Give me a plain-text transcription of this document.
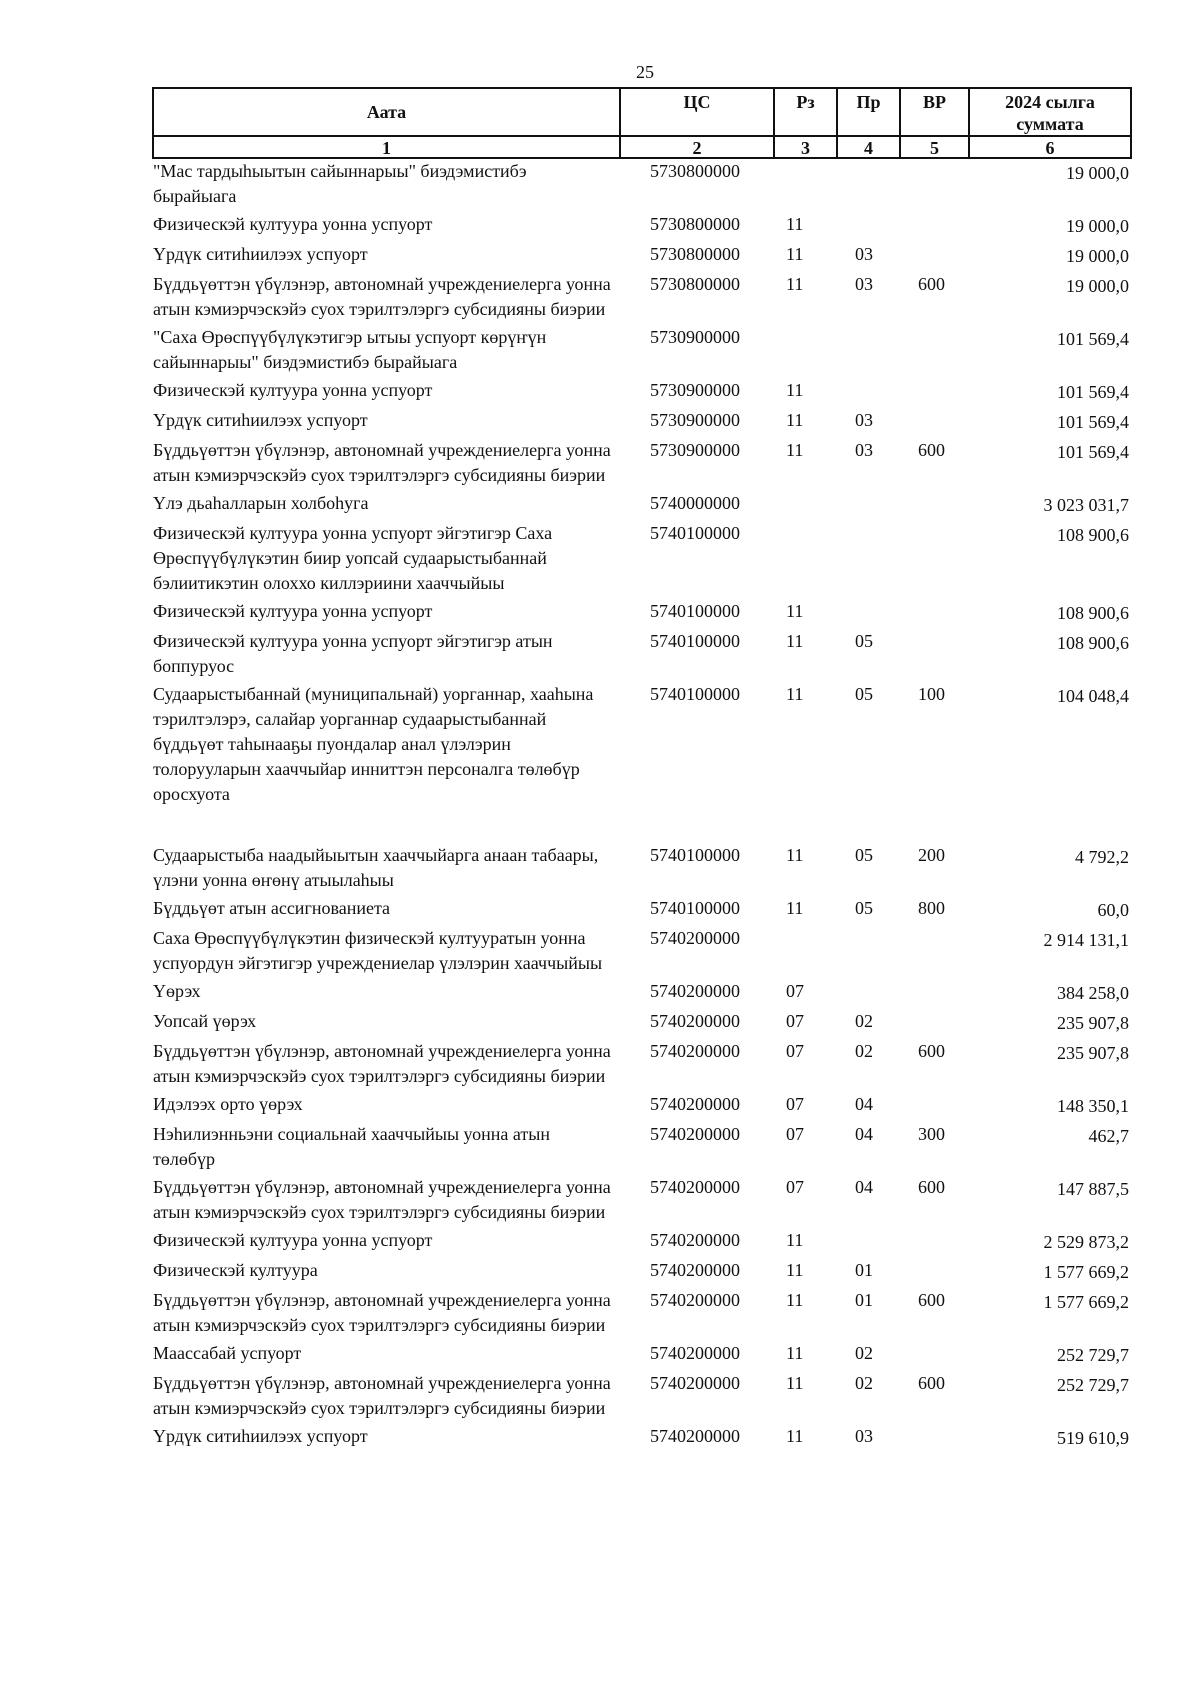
25
Аата	ЦС	Рз	Пр	ВР	2024 сылга суммата
1	2	3	4	5	6
"Мас тардыһыытын сайыннарыы" биэдэмистибэ бырайыага	5730800000				19 000,0
Физическэй култуура уонна успуорт	5730800000	11			19 000,0
Үрдүк ситиһиилээх успуорт	5730800000	11	03		19 000,0
Бүддьүөттэн үбүлэнэр, автономнай учреждениелерга уонна атын кэмиэрчэскэйэ суох тэрилтэлэргэ субсидияны биэрии	5730800000	11	03	600	19 000,0
"Саха Өрөспүүбүлүкэтигэр ытыы успуорт көрүҥүн сайыннарыы" биэдэмистибэ бырайыага	5730900000				101 569,4
Физическэй култуура уонна успуорт	5730900000	11			101 569,4
Үрдүк ситиһиилээх успуорт	5730900000	11	03		101 569,4
Бүддьүөттэн үбүлэнэр, автономнай учреждениелерга уонна атын кэмиэрчэскэйэ суох тэрилтэлэргэ субсидияны биэрии	5730900000	11	03	600	101 569,4
Үлэ дьаһалларын холбоһуга	5740000000				3 023 031,7
Физическэй култуура уонна успуорт эйгэтигэр Саха Өрөспүүбүлүкэтин биир уопсай судаарыстыбаннай бэлиитикэтин олоххо киллэриини хааччыйыы	5740100000				108 900,6
Физическэй култуура уонна успуорт	5740100000	11			108 900,6
Физическэй култуура уонна успуорт эйгэтигэр атын боппуруос	5740100000	11	05		108 900,6
Судаарыстыбаннай (муниципальнай) уорганнар, хааһына тэрилтэлэрэ, салайар уорганнар судаарыстыбаннай бүддьүөт таһынааҕы пуондалар анал үлэлэрин толорууларын хааччыйар инниттэн персоналга төлөбүр оросхуота	5740100000	11	05	100	104 048,4
Судаарыстыба наадыйыытын хааччыйарга анаан табаары, үлэни уонна өҥөнү атыылаһыы	5740100000	11	05	200	4 792,2
Бүддьүөт атын ассигнованиета	5740100000	11	05	800	60,0
Саха Өрөспүүбүлүкэтин физическэй култууратын уонна успуордун эйгэтигэр учреждениелар үлэлэрин хааччыйыы	5740200000				2 914 131,1
Үөрэх	5740200000	07			384 258,0
Уопсай үөрэх	5740200000	07	02		235 907,8
Бүддьүөттэн үбүлэнэр, автономнай учреждениелерга уонна атын кэмиэрчэскэйэ суох тэрилтэлэргэ субсидияны биэрии	5740200000	07	02	600	235 907,8
Идэлээх орто үөрэх	5740200000	07	04		148 350,1
Нэһилиэнньэни социальнай хааччыйыы уонна атын төлөбүр	5740200000	07	04	300	462,7
Бүддьүөттэн үбүлэнэр, автономнай учреждениелерга уонна атын кэмиэрчэскэйэ суох тэрилтэлэргэ субсидияны биэрии	5740200000	07	04	600	147 887,5
Физическэй култуура уонна успуорт	5740200000	11			2 529 873,2
Физическэй култуура	5740200000	11	01		1 577 669,2
Бүддьүөттэн үбүлэнэр, автономнай учреждениелерга уонна атын кэмиэрчэскэйэ суох тэрилтэлэргэ субсидияны биэрии	5740200000	11	01	600	1 577 669,2
Маассабай успуорт	5740200000	11	02		252 729,7
Бүддьүөттэн үбүлэнэр, автономнай учреждениелерга уонна атын кэмиэрчэскэйэ суох тэрилтэлэргэ субсидияны биэрии	5740200000	11	02	600	252 729,7
Үрдүк ситиһиилээх успуорт	5740200000	11	03		519 610,9
